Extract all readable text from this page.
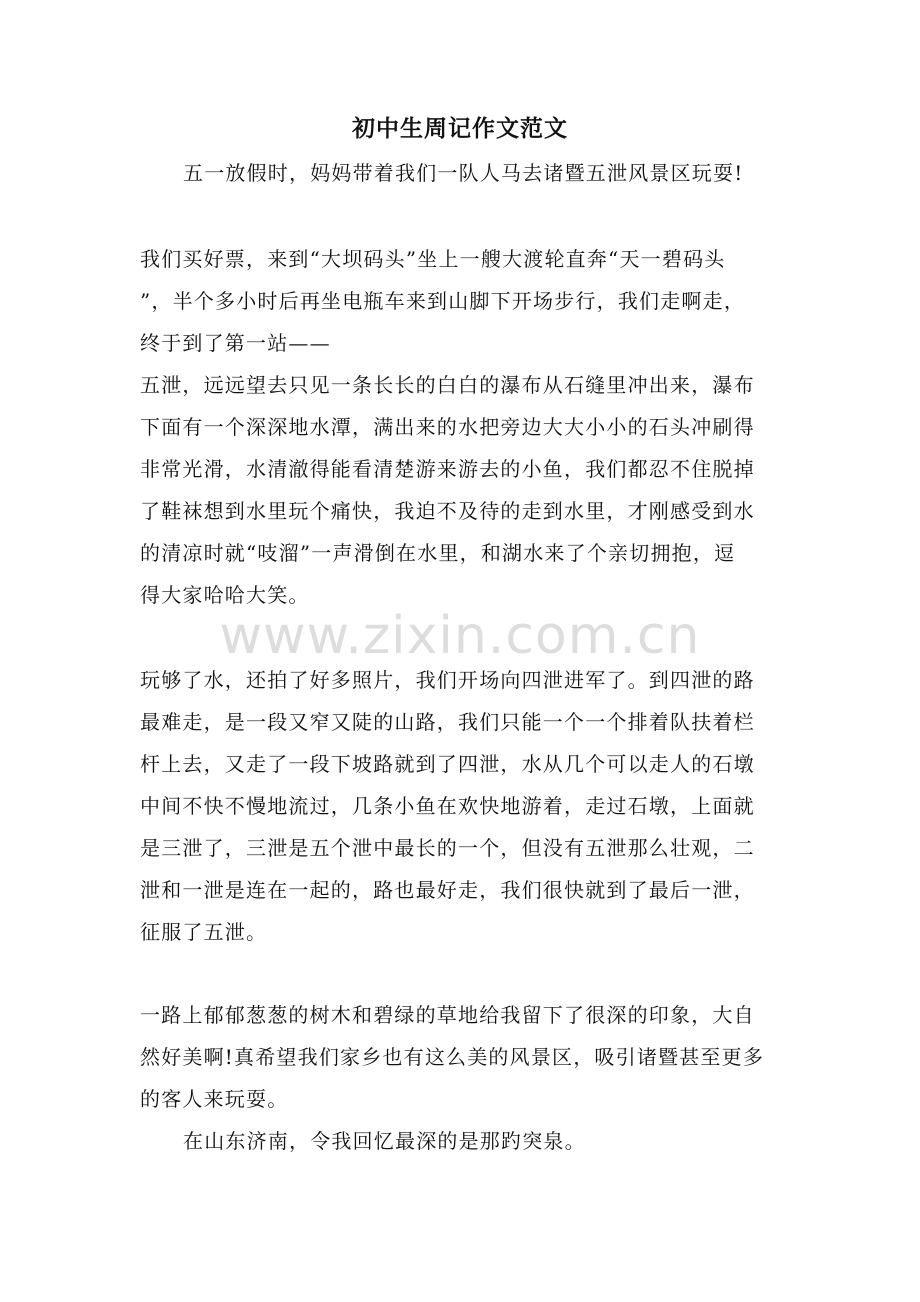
初中生周记作文范文
五一放假时，妈妈带着我们一队人马去诸暨五泄风景区玩耍!
我们买好票，来到“大坝码头”坐上一艘大渡轮直奔“天一碧码头
”，半个多小时后再坐电瓶车来到山脚下开场步行，我们走啊走，
终于到了第一站——
五泄，远远望去只见一条长长的白白的瀑布从石缝里冲出来，瀑布
下面有一个深深地水潭，满出来的水把旁边大大小小的石头冲刷得
非常光滑，水清澈得能看清楚游来游去的小鱼，我们都忍不住脱掉
了鞋袜想到水里玩个痛快，我迫不及待的走到水里，才刚感受到水
的清凉时就“吱溜”一声滑倒在水里，和湖水来了个亲切拥抱，逗
得大家哈哈大笑。
www.zixin.com.cn
玩够了水，还拍了好多照片，我们开场向四泄进军了。到四泄的路
最难走，是一段又窄又陡的山路，我们只能一个一个排着队扶着栏
杆上去，又走了一段下坡路就到了四泄，水从几个可以走人的石墩
中间不快不慢地流过，几条小鱼在欢快地游着，走过石墩，上面就
是三泄了，三泄是五个泄中最长的一个，但没有五泄那么壮观，二
泄和一泄是连在一起的，路也最好走，我们很快就到了最后一泄，
征服了五泄。
一路上郁郁葱葱的树木和碧绿的草地给我留下了很深的印象，大自
然好美啊!真希望我们家乡也有这么美的风景区，吸引诸暨甚至更多
的客人来玩耍。
在山东济南，令我回忆最深的是那趵突泉。
